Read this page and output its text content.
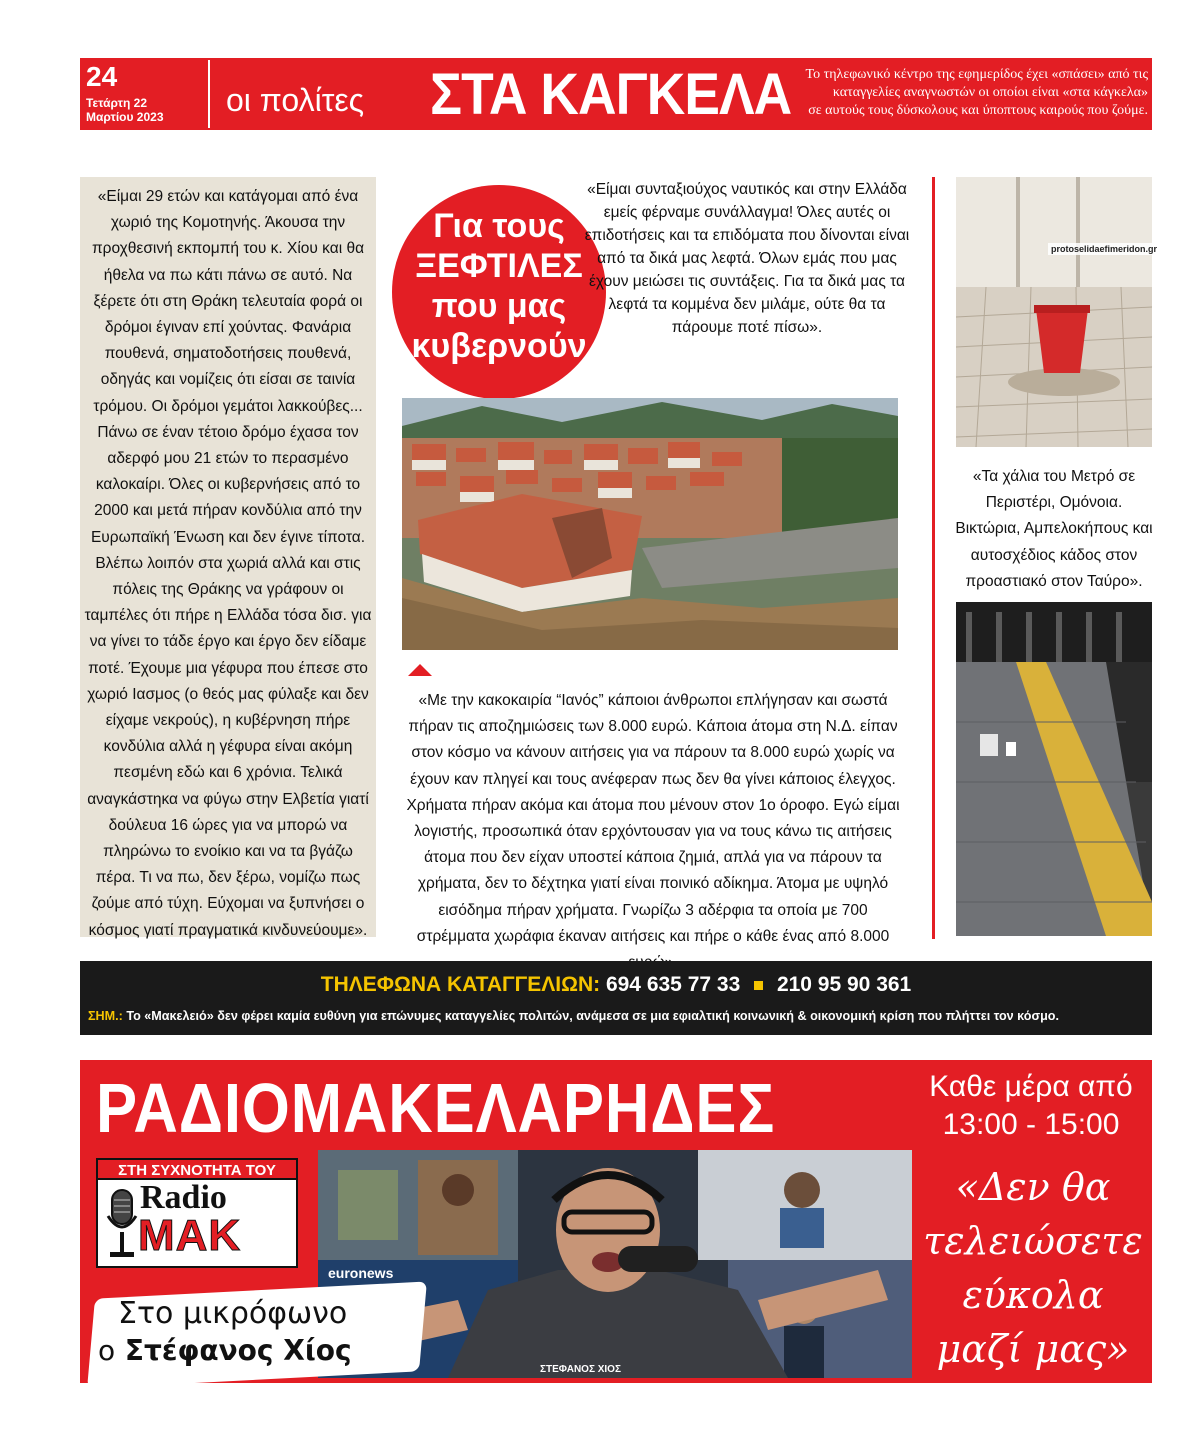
24
Τετάρτη 22
Μαρτίου 2023 οι πολίτες ΣΤΑ ΚΑΓΚΕΛΑ	Το τηλεφωνικό κέντρο της εφημερίδος έχει «σπάσει» από τις
καταγγελίες αναγνωστών οι οποίοι είναι «στα κάγκελα»
σε αυτούς τους δύσκολους και ύποπτους καιρούς που ζούμε.

«Είμαι 29 ετών και κατάγομαι από ένα χωριό της Κομοτηνής. Άκουσα την προχθεσινή εκπομπή του κ. Χίου και θα ήθελα να πω κάτι πάνω σε αυτό. Να ξέρετε ότι στη Θράκη τελευταία φορά οι δρόμοι έγιναν επί χούντας. Φανάρια πουθενά, σηματοδοτήσεις πουθενά, οδηγάς και νομίζεις ότι είσαι σε ταινία τρόμου. Οι δρόμοι γεμάτοι λακκούβες... Πάνω σε έναν τέτοιο δρόμο έχασα τον αδερφό μου 21 ετών το περασμένο καλοκαίρι. Όλες οι κυβερνήσεις από το 2000 και μετά πήραν κονδύλια από την Ευρωπαϊκή Ένωση και δεν έγινε τίποτα. Βλέπω λοιπόν στα χωριά αλλά και στις πόλεις της Θράκης να γράφουν οι ταμπέλες ότι πήρε η Ελλάδα τόσα δισ. για να γίνει το τάδε έργο και έργο δεν είδαμε ποτέ. Έχουμε μια γέφυρα που έπεσε στο χωριό Ιασμος (ο θεός μας φύλαξε και δεν είχαμε νεκρούς), η κυβέρνηση πήρε κονδύλια αλλά η γέφυρα είναι ακόμη πεσμένη εδώ και 6 χρόνια. Τελικά αναγκάστηκα να φύγω στην Ελβετία γιατί δούλευα 16 ώρες για να μπορώ να πληρώνω το ενοίκιο και να τα βγάζω πέρα. Τι να πω, δεν ξέρω, νομίζω πως ζούμε από τύχη. Εύχομαι να ξυπνήσει ο κόσμος γιατί πραγματικά κινδυνεύουμε».

Για τους
ΞΕΦΤΙΛΕΣ
που μας
κυβερνούν

«Είμαι συνταξιούχος ναυτικός και στην Ελλάδα εμείς φέρναμε συνάλλαγμα! Όλες αυτές οι επιδοτήσεις και τα επιδόματα που δίνονται είναι από τα δικά μας λεφτά. Όλων εμάς που μας έχουν μειώσει τις συντάξεις. Για τα δικά μας τα λεφτά τα κομμένα δεν μιλάμε, ούτε θα τα πάρουμε ποτέ πίσω».

«Με την κακοκαιρία “Ιανός” κάποιοι άνθρωποι επλήγησαν και σωστά πήραν τις αποζημιώσεις των 8.000 ευρώ. Κάποια άτομα στη Ν.Δ. είπαν στον κόσμο να κάνουν αιτήσεις για να πάρουν τα 8.000 ευρώ χωρίς να έχουν καν πληγεί και τους ανέφεραν πως δεν θα γίνει κάποιος έλεγχος. Χρήματα πήραν ακόμα και άτομα που μένουν στον 1ο όροφο. Εγώ είμαι λογιστής, προσωπικά όταν ερχόντουσαν για να τους κάνω τις αιτήσεις άτομα που δεν είχαν υποστεί κάποια ζημιά, απλά για να πάρουν τα χρήματα, δεν το δέχτηκα γιατί είναι ποινικό αδίκημα. Άτομα με υψηλό εισόδημα πήραν χρήματα. Γνωρίζω 3 αδέρφια τα οποία με 700 στρέμματα χωράφια έκαναν αιτήσεις και πήρε ο κάθε ένας από 8.000

protoselidaefimeridon.gr

«Τα χάλια του Μετρό σε Περιστέρι, Ομόνοια. Βικτώρια, Αμπελοκήπους και αυτοσχέδιος κάδος στον προαστιακό στον Ταύρο».

ΤΗΛΕΦΩΝΑ ΚΑΤΑΓΓΕΛΙΩΝ: 694 635 77 33 210 95 90 361
ΣΗΜ.: Το «Μακελειό» δεν φέρει καμία ευθύνη για επώνυμες καταγγελίες πολιτών, ανάμεσα σε μια εφιαλτική κοινωνική & οικονομική κρίση που πλήττει τον κόσμο.
ΡΑΔΙΟΜΑΚΕΛΑΡΗΔΕΣ	Καθε μέρα από
13:00 - 15:00
«Δεν θα
τελειώσετε
εύκολα
μαζί μας»
euronews
ΣΤΕΦΑΝΟΣ ΧΙΟΣ
ΣΤΗ ΣΥΧΝΟΤΗΤΑ ΤΟΥ
Radio
MAK
Στο μικρόφωνο
ο Στέφανος Χίος
